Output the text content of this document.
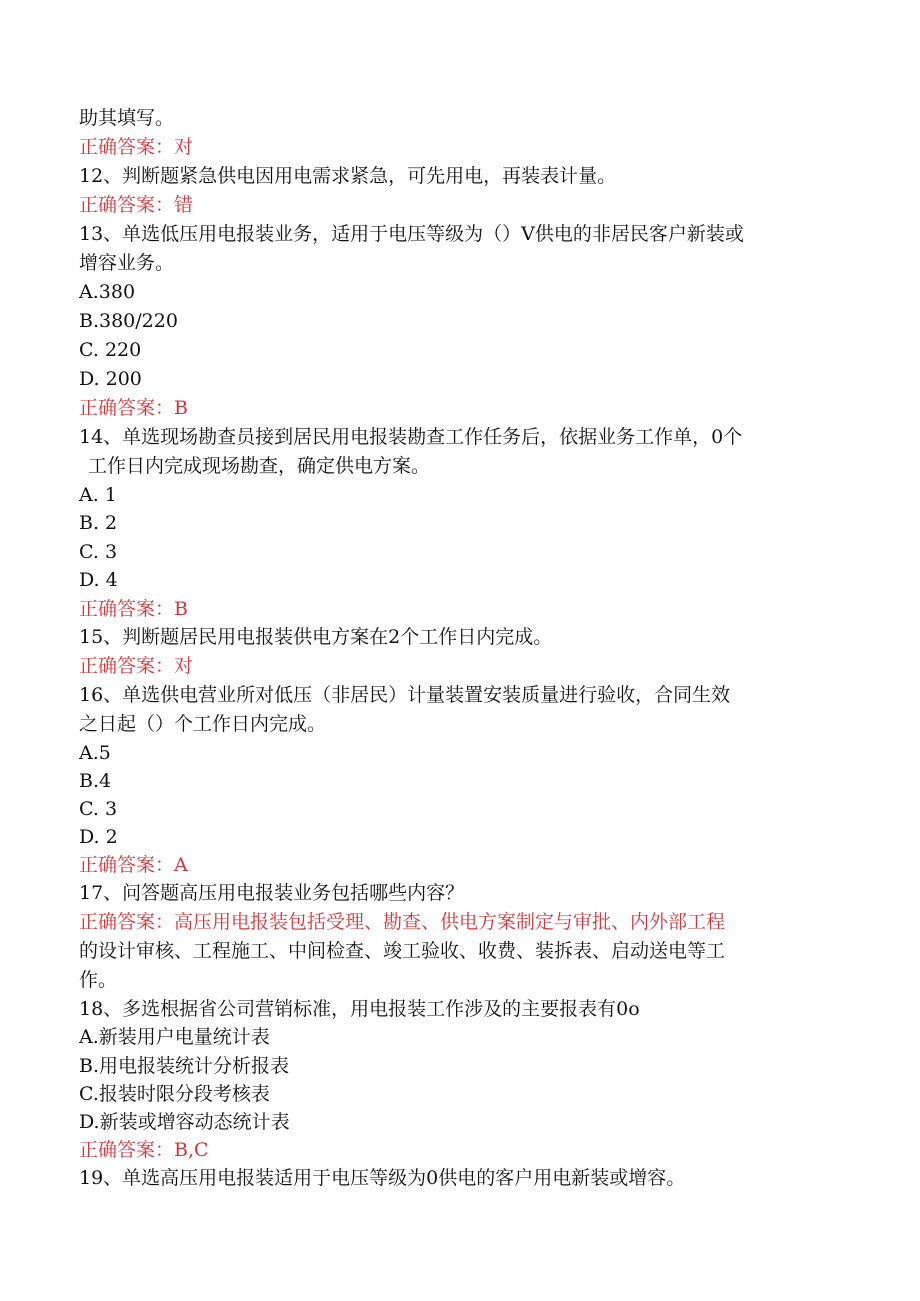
助其填写。
正确答案：对
12、判断题紧急供电因用电需求紧急，可先用电，再装表计量。
正确答案：错
13、单选低压用电报装业务，适用于电压等级为（）V供电的非居民客户新装或
增容业务。
A.380
B.380/220
C. 220
D. 200
正确答案：B
14、单选现场勘查员接到居民用电报装勘查工作任务后，依据业务工作单，0个
工作日内完成现场勘查，确定供电方案。
A. 1
B. 2
C. 3
D. 4
正确答案：B
15、判断题居民用电报装供电方案在2个工作日内完成。
正确答案：对
16、单选供电营业所对低压（非居民）计量装置安装质量进行验收，合同生效
之日起（）个工作日内完成。
A.5
B.4
C. 3
D. 2
正确答案：A
17、问答题高压用电报装业务包括哪些内容？
正确答案：高压用电报装包括受理、勘查、供电方案制定与审批、内外部工程
的设计审核、工程施工、中间检查、竣工验收、收费、装拆表、启动送电等工
作。
18、多选根据省公司营销标准，用电报装工作涉及的主要报表有0o
A.新装用户电量统计表
B.用电报装统计分析报表
C.报装时限分段考核表
D.新装或增容动态统计表
正确答案：B,C
19、单选高压用电报装适用于电压等级为0供电的客户用电新装或增容。
